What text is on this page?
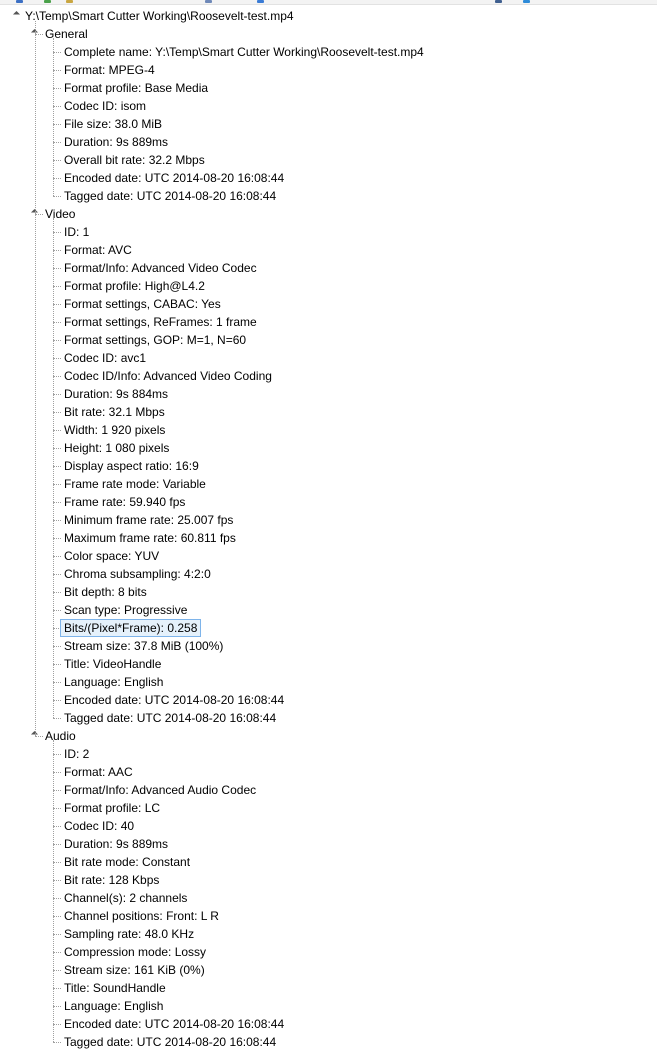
Y:\Temp\Smart Cutter Working\Roosevelt-test.mp4
General
Complete name: Y:\Temp\Smart Cutter Working\Roosevelt-test.mp4
Format: MPEG-4
Format profile: Base Media
Codec ID: isom
File size: 38.0 MiB
Duration: 9s 889ms
Overall bit rate: 32.2 Mbps
Encoded date: UTC 2014-08-20 16:08:44
Tagged date: UTC 2014-08-20 16:08:44
Video
ID: 1
Format: AVC
Format/Info: Advanced Video Codec
Format profile: High@L4.2
Format settings, CABAC: Yes
Format settings, ReFrames: 1 frame
Format settings, GOP: M=1, N=60
Codec ID: avc1
Codec ID/Info: Advanced Video Coding
Duration: 9s 884ms
Bit rate: 32.1 Mbps
Width: 1 920 pixels
Height: 1 080 pixels
Display aspect ratio: 16:9
Frame rate mode: Variable
Frame rate: 59.940 fps
Minimum frame rate: 25.007 fps
Maximum frame rate: 60.811 fps
Color space: YUV
Chroma subsampling: 4:2:0
Bit depth: 8 bits
Scan type: Progressive
Bits/(Pixel*Frame): 0.258
Stream size: 37.8 MiB (100%)
Title: VideoHandle
Language: English
Encoded date: UTC 2014-08-20 16:08:44
Tagged date: UTC 2014-08-20 16:08:44
Audio
ID: 2
Format: AAC
Format/Info: Advanced Audio Codec
Format profile: LC
Codec ID: 40
Duration: 9s 889ms
Bit rate mode: Constant
Bit rate: 128 Kbps
Channel(s): 2 channels
Channel positions: Front: L R
Sampling rate: 48.0 KHz
Compression mode: Lossy
Stream size: 161 KiB (0%)
Title: SoundHandle
Language: English
Encoded date: UTC 2014-08-20 16:08:44
Tagged date: UTC 2014-08-20 16:08:44
